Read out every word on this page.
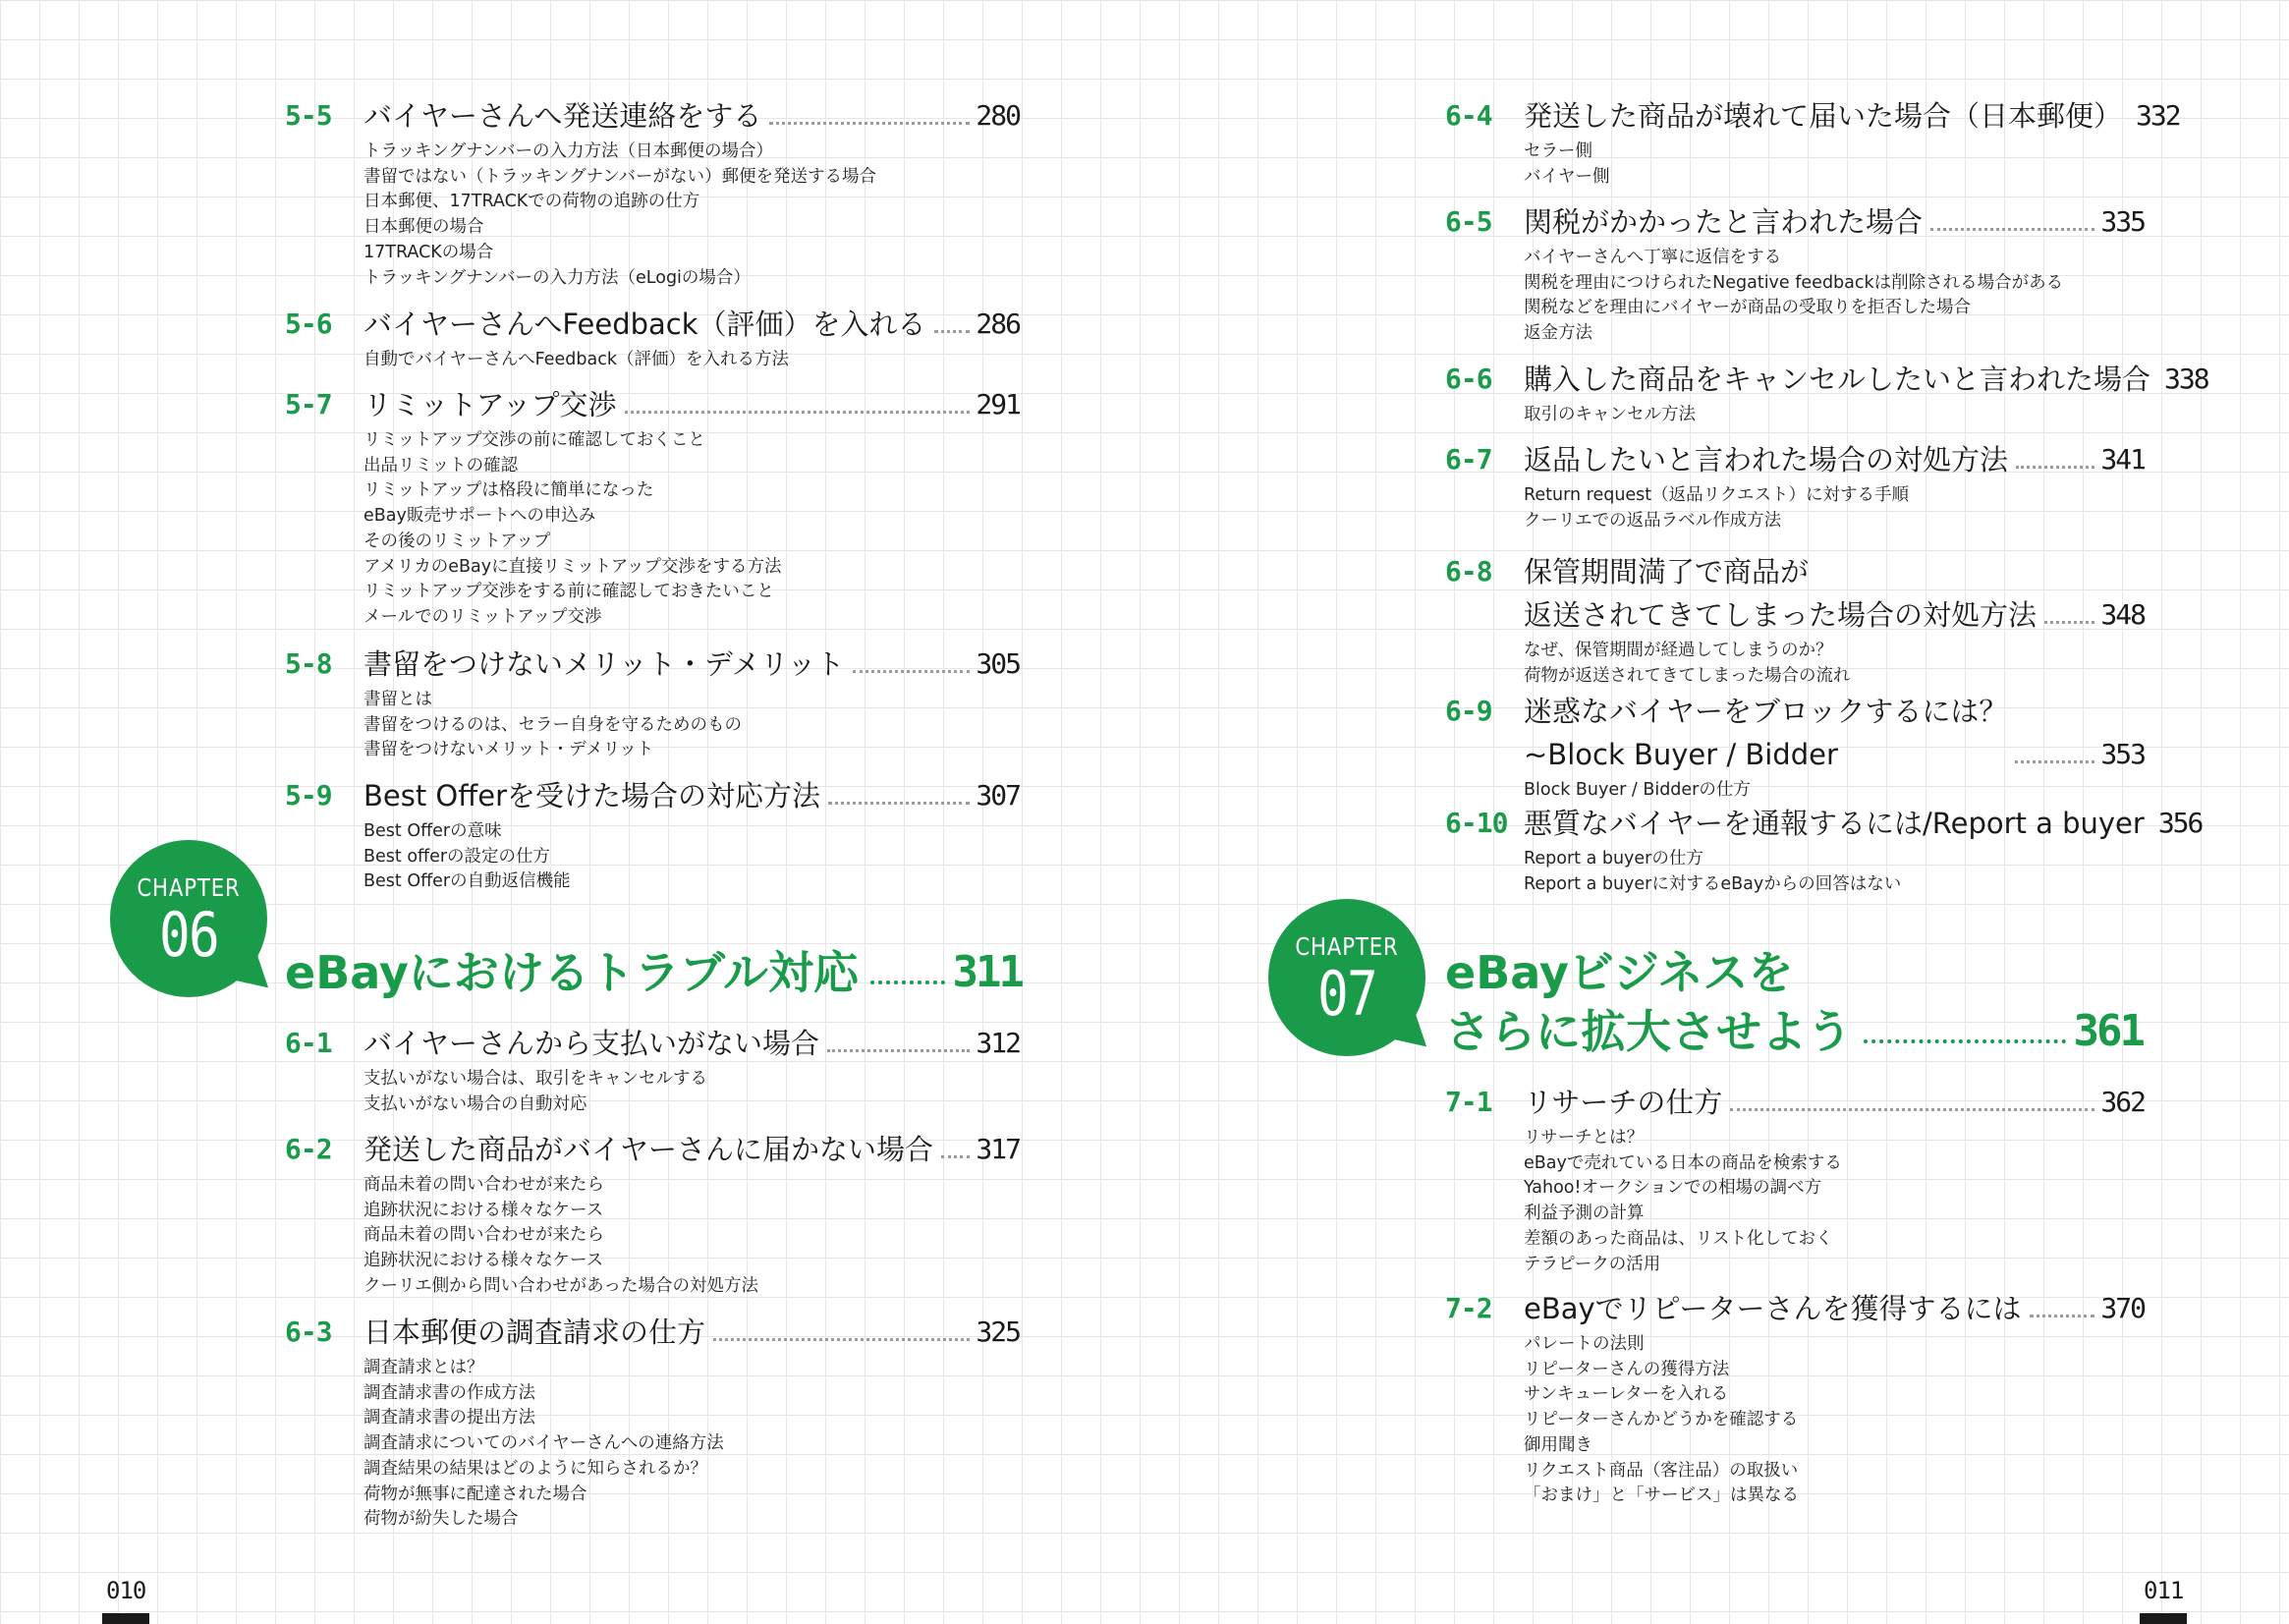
5-5 バイヤーさんへ発送連絡をする	280
トラッキングナンバーの入力方法（日本郵便の場合）
書留ではない（トラッキングナンバーがない）郵便を発送する場合
日本郵便、17TRACKでの荷物の追跡の仕方
日本郵便の場合
17TRACKの場合
トラッキングナンバーの入力方法（eLogiの場合）
5-6 バイヤーさんへFeedback（評価）を入れる 286
自動でバイヤーさんへFeedback（評価）を入れる方法
5-7 リミットアップ交渉	291
リミットアップ交渉の前に確認しておくこと
出品リミットの確認
リミットアップは格段に簡単になった
eBay販売サポートへの申込み
その後のリミットアップ
アメリカのeBayに直接リミットアップ交渉をする方法
リミットアップ交渉をする前に確認しておきたいこと
メールでのリミットアップ交渉
5-8 書留をつけないメリット・デメリット	305
書留とは
書留をつけるのは、セラー自身を守るためのもの
書留をつけないメリット・デメリット
5-9 Best Offerを受けた場合の対応方法	307
Best Offerの意味
Best offerの設定の仕方
Best Offerの自動返信機能
CHAPTER
06
eBayにおけるトラブル対応 311
6-1 バイヤーさんから支払いがない場合	312
支払いがない場合は、取引をキャンセルする
支払いがない場合の自動対応
6-2 発送した商品がバイヤーさんに届かない場合 317
商品未着の問い合わせが来たら
追跡状況における様々なケース
商品未着の問い合わせが来たら
追跡状況における様々なケース
クーリエ側から問い合わせがあった場合の対処方法
6-3 日本郵便の調査請求の仕方	325
調査請求とは？
調査請求書の作成方法
調査請求書の提出方法
調査請求についてのバイヤーさんへの連絡方法
調査結果の結果はどのように知らされるか？
荷物が無事に配達された場合
荷物が紛失した場合
010
6-4 発送した商品が壊れて届いた場合（日本郵便） 332
セラー側
バイヤー側
6-5 関税がかかったと言われた場合	335
バイヤーさんへ丁寧に返信をする
関税を理由につけられたNegative feedbackは削除される場合がある
関税などを理由にバイヤーが商品の受取りを拒否した場合
返金方法
6-6 購入した商品をキャンセルしたいと言われた場合 338
取引のキャンセル方法
6-7 返品したいと言われた場合の対処方法	341
Return request（返品リクエスト）に対する手順
クーリエでの返品ラベル作成方法
6-8 保管期間満了で商品が
返送されてきてしまった場合の対処方法 348
なぜ、保管期間が経過してしまうのか？
荷物が返送されてきてしまった場合の流れ
6-9 迷惑なバイヤーをブロックするには？
~Block Buyer / Bidder	353
Block Buyer / Bidderの仕方
6-10 悪質なバイヤーを通報するには/Report a buyer 356
Report a buyerの仕方
Report a buyerに対するeBayからの回答はない
CHAPTER
07	eBayビジネスを
さらに拡大させよう	361
7-1 リサーチの仕方	362
リサーチとは？
eBayで売れている日本の商品を検索する
Yahoo!オークションでの相場の調べ方
利益予測の計算
差額のあった商品は、リスト化しておく
テラピークの活用
7-2 eBayでリピーターさんを獲得するには	370
パレートの法則
リピーターさんの獲得方法
サンキューレターを入れる
リピーターさんかどうかを確認する
御用聞き
リクエスト商品（客注品）の取扱い
「おまけ」と「サービス」は異なる
011
